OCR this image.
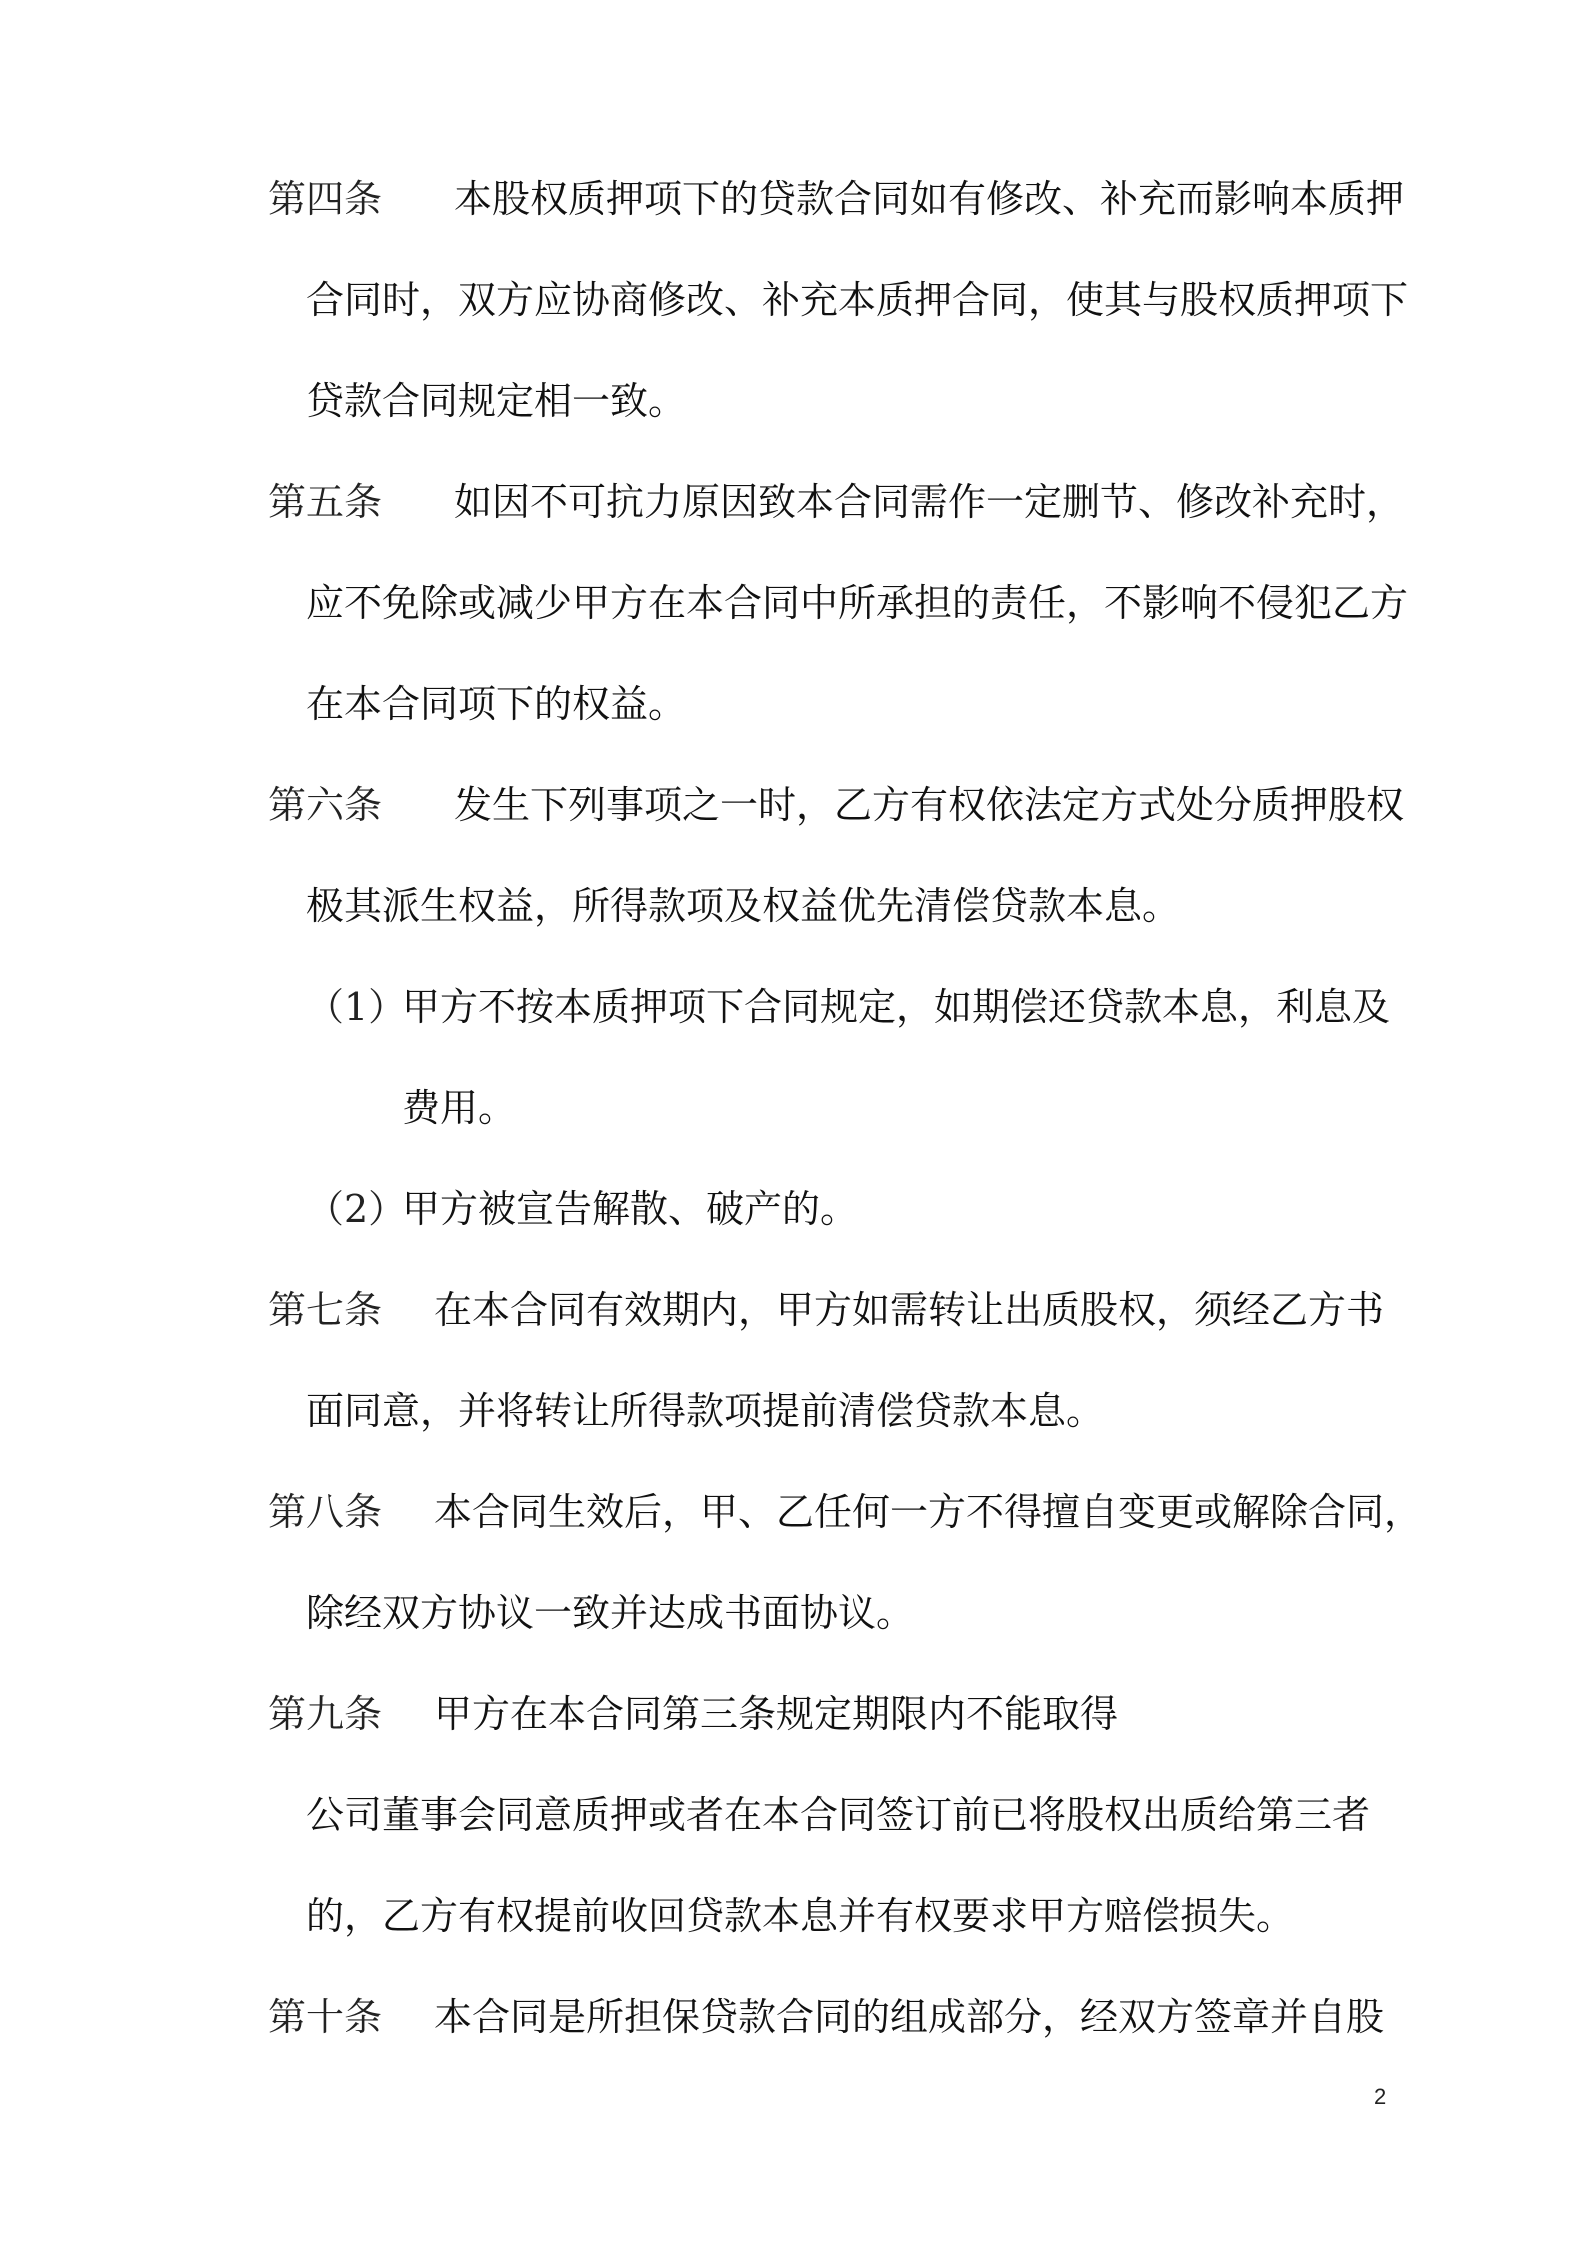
第四条 本股权质押项下的贷款合同如有修改、补充而影响本质押
合同时，双方应协商修改、补充本质押合同，使其与股权质押项下
贷款合同规定相一致。
第五条 如因不可抗力原因致本合同需作一定删节、修改补充时，
应不免除或减少甲方在本合同中所承担的责任，不影响不侵犯乙方
在本合同项下的权益。
第六条 发生下列事项之一时，乙方有权依法定方式处分质押股权
极其派生权益，所得款项及权益优先清偿贷款本息。
（1）
甲方不按本质押项下合同规定，如期偿还贷款本息，利息及
费用。
（2）
甲方被宣告解散、破产的。
第七条 在本合同有效期内，甲方如需转让出质股权，须经乙方书
面同意，并将转让所得款项提前清偿贷款本息。
第八条 本合同生效后，甲、乙任何一方不得擅自变更或解除合同，
除经双方协议一致并达成书面协议。
第九条 甲方在本合同第三条规定期限内不能取得
公司董事会同意质押或者在本合同签订前已将股权出质给第三者
的，乙方有权提前收回贷款本息并有权要求甲方赔偿损失。
第十条 本合同是所担保贷款合同的组成部分，经双方签章并自股
2
